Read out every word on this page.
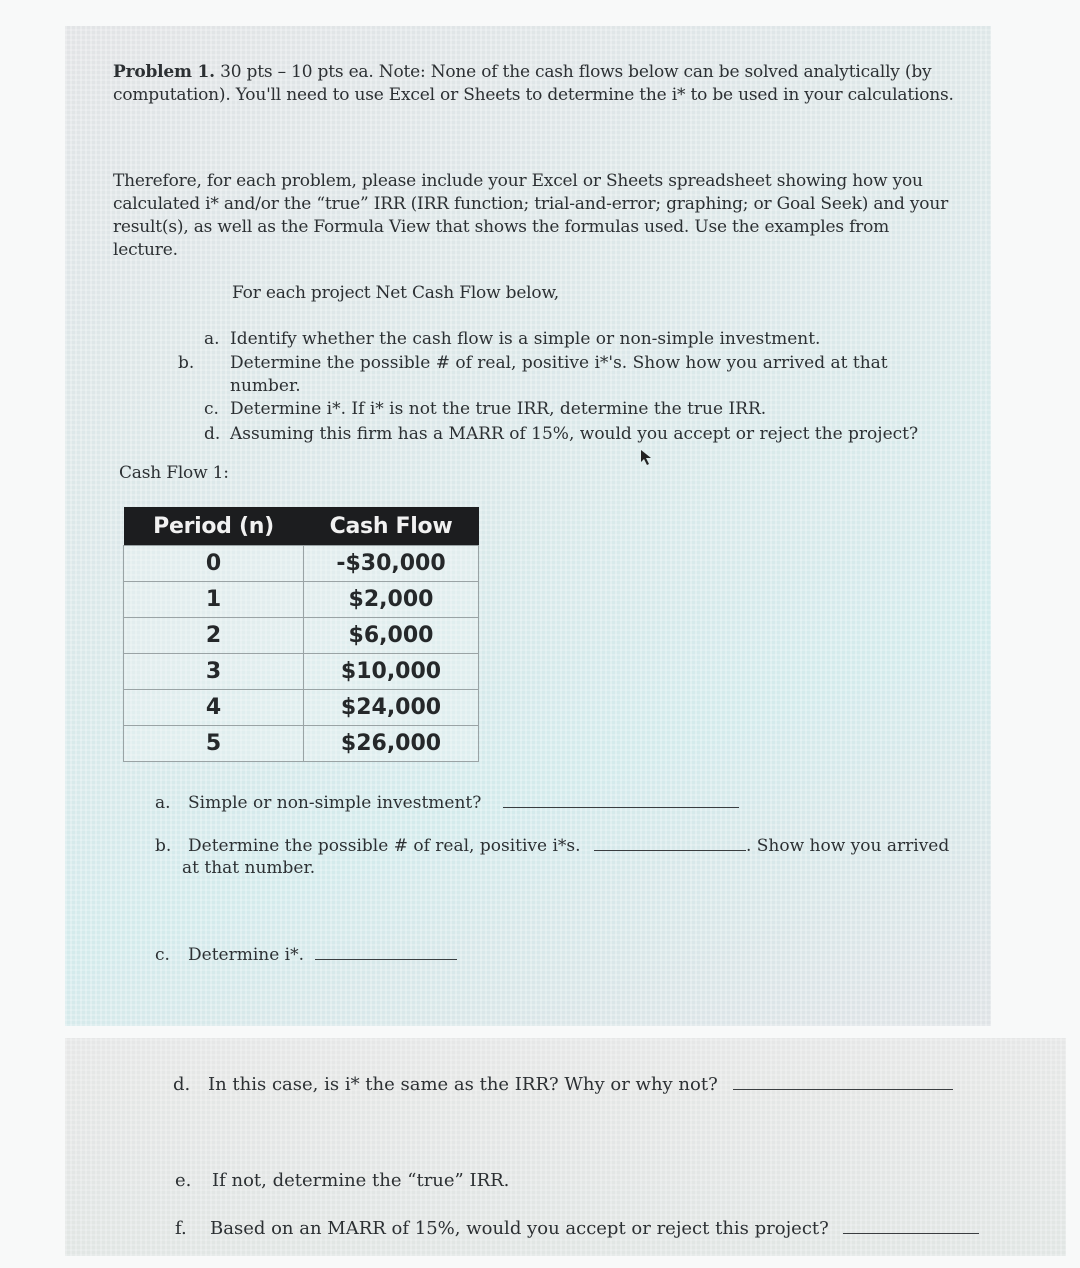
Problem 1. 30 pts – 10 pts ea. Note: None of the cash flows below can be solved analytically (by computation). You'll need to use Excel or Sheets to determine the i* to be used in your calculations.
Therefore, for each problem, please include your Excel or Sheets spreadsheet showing how you calculated i* and/or the “true” IRR (IRR function; trial-and-error; graphing; or Goal Seek) and your result(s), as well as the Formula View that shows the formulas used. Use the examples from lecture.
For each project Net Cash Flow below,
a. Identify whether the cash flow is a simple or non-simple investment.
b. Determine the possible # of real, positive i*'s. Show how you arrived at that number.
c. Determine i*. If i* is not the true IRR, determine the true IRR.
d. Assuming this firm has a MARR of 15%, would you accept or reject the project?
Cash Flow 1:
a. Simple or non-simple investment?
b. Determine the possible # of real, positive i*s.	. Show how you arrived
at that number.
c. Determine i*.
Period (n)	Cash Flow
0	-$30,000
1	$2,000
2	$6,000
3	$10,000
4	$24,000
5	$26,000
d. In this case, is i* the same as the IRR? Why or why not?
e. If not, determine the “true” IRR.
f. Based on an MARR of 15%, would you accept or reject this project?
